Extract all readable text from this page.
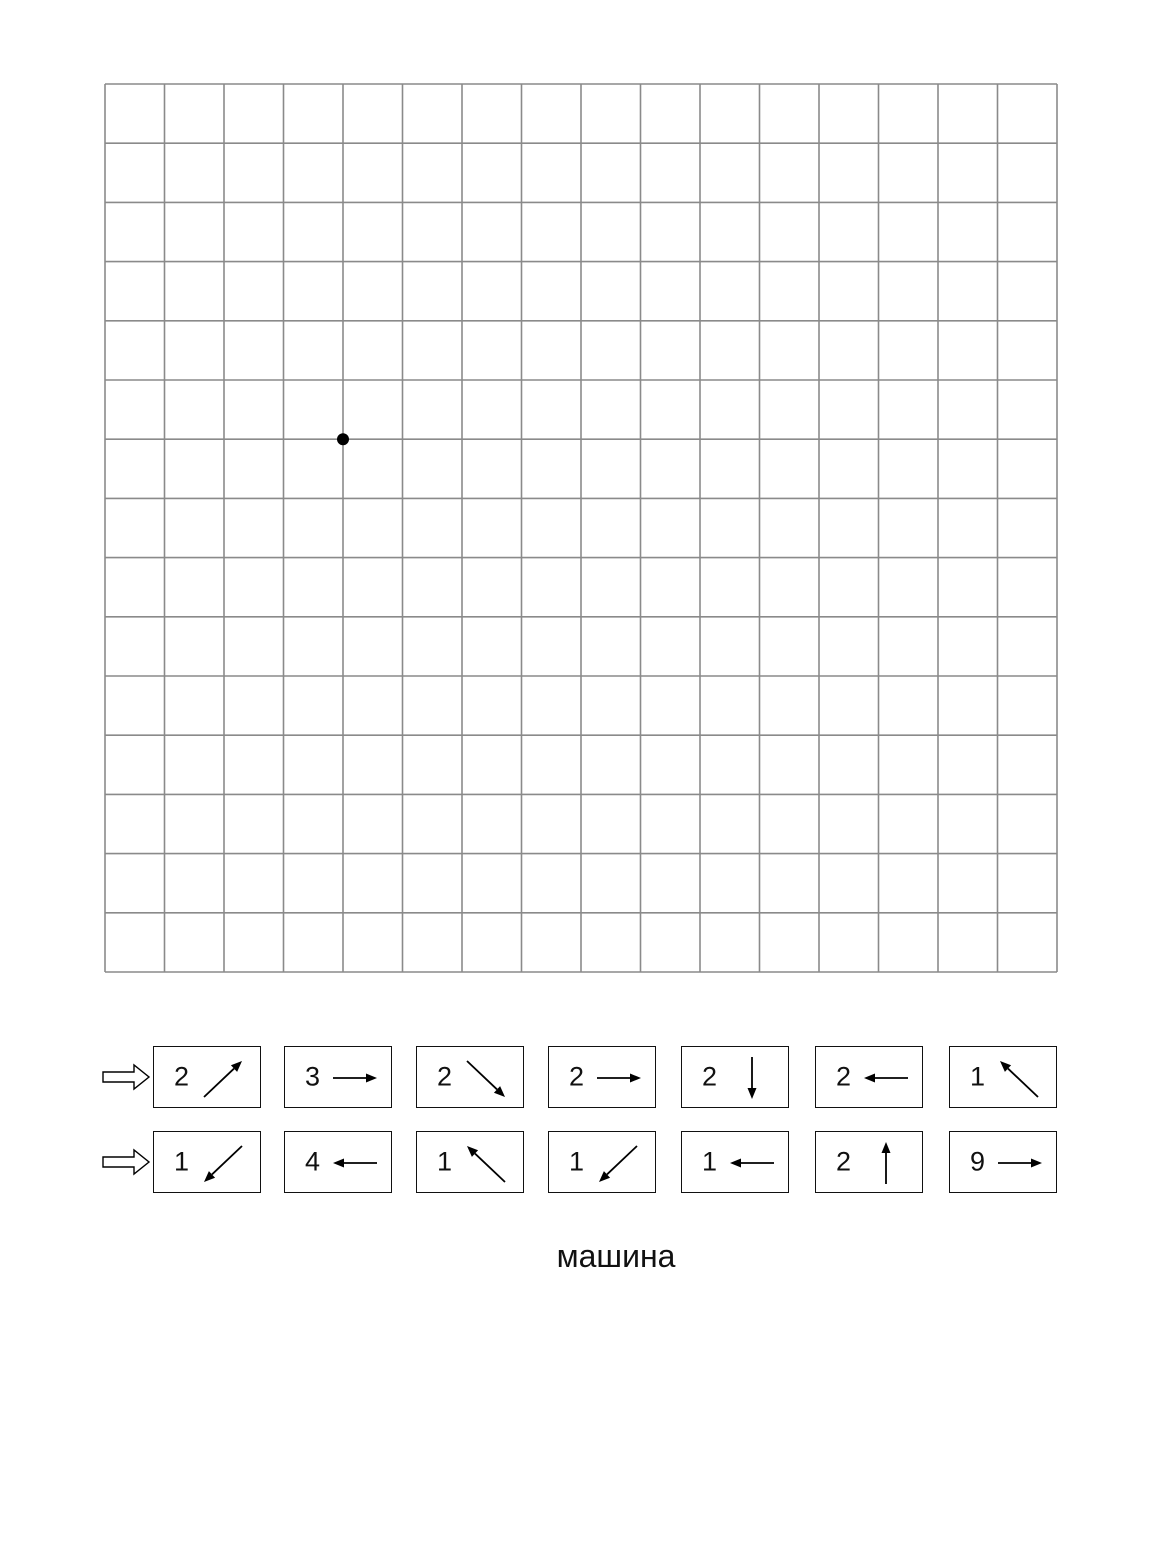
2	3	2	2	2	2	1
1	4	1	1	1	2	9
машина
